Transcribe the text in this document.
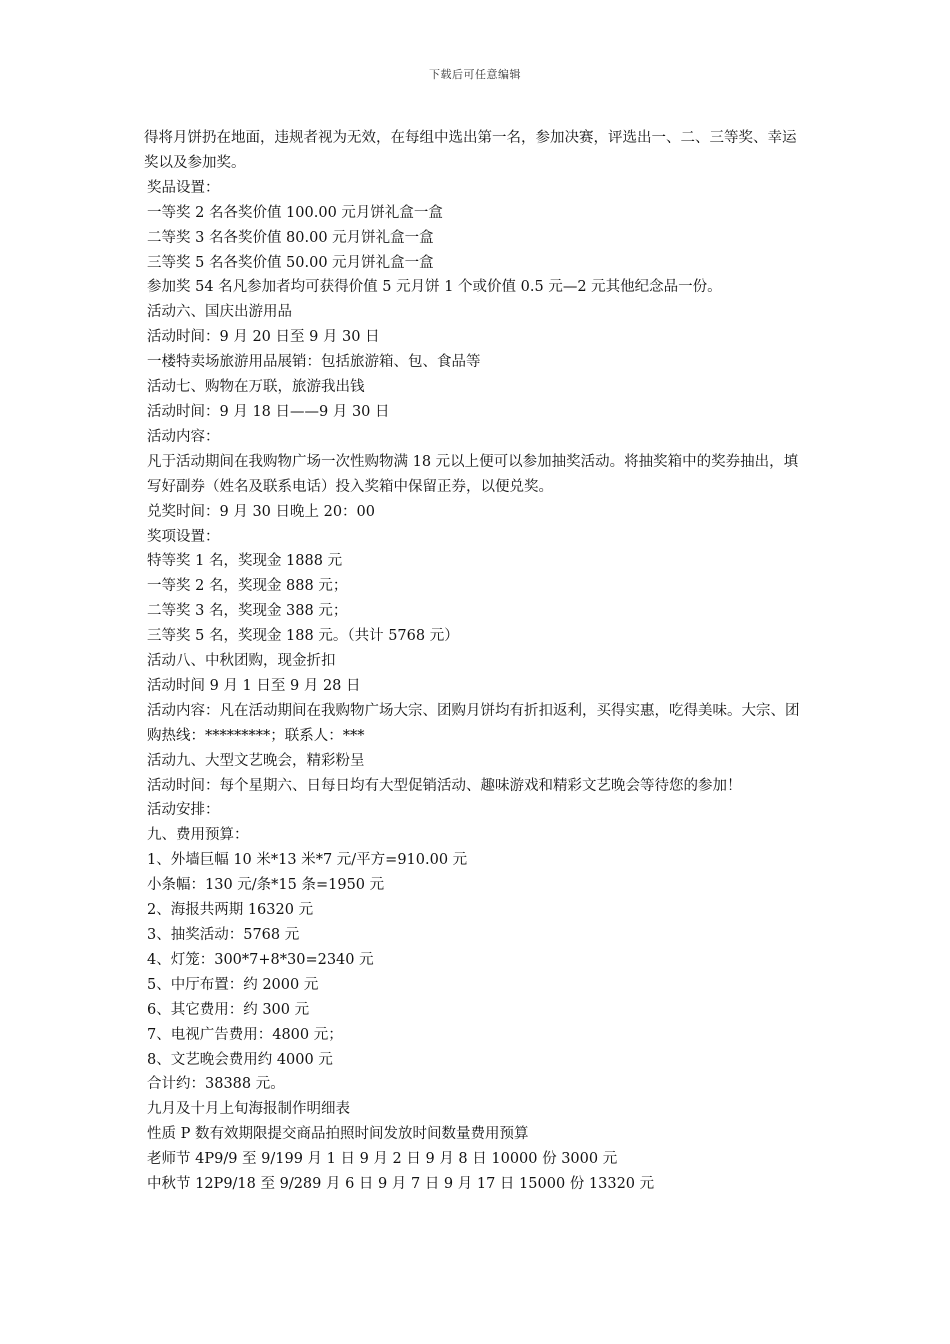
下载后可任意编辑

得将月饼扔在地面，违规者视为无效，在每组中选出第一名，参加决赛，评选出一、二、三等奖、幸运奖以及参加奖。

奖品设置：

一等奖 2 名各奖价值 100.00 元月饼礼盒一盒

二等奖 3 名各奖价值 80.00 元月饼礼盒一盒

三等奖 5 名各奖价值 50.00 元月饼礼盒一盒

参加奖 54 名凡参加者均可获得价值 5 元月饼 1 个或价值 0.5 元—2 元其他纪念品一份。

活动六、国庆出游用品

活动时间：9 月 20 日至 9 月 30 日

一楼特卖场旅游用品展销：包括旅游箱、包、食品等

活动七、购物在万联，旅游我出钱

活动时间：9 月 18 日——9 月 30 日

活动内容：

凡于活动期间在我购物广场一次性购物满 18 元以上便可以参加抽奖活动。将抽奖箱中的奖券抽出，填写好副券（姓名及联系电话）投入奖箱中保留正券，以便兑奖。

兑奖时间：9 月 30 日晚上 20：00

奖项设置：

特等奖 1 名，奖现金 1888 元

一等奖 2 名，奖现金 888 元；

二等奖 3 名，奖现金 388 元；

三等奖 5 名，奖现金 188 元。（共计 5768 元）

活动八、中秋团购，现金折扣

活动时间 9 月 1 日至 9 月 28 日

活动内容：凡在活动期间在我购物广场大宗、团购月饼均有折扣返利，买得实惠，吃得美味。大宗、团购热线：*********；联系人：***

活动九、大型文艺晚会，精彩粉呈

活动时间：每个星期六、日每日均有大型促销活动、趣味游戏和精彩文艺晚会等待您的参加！

活动安排：

九、费用预算：

1、外墙巨幅 10 米*13 米*7 元/平方=910.00 元

小条幅：130 元/条*15 条=1950 元

2、海报共两期 16320 元

3、抽奖活动：5768 元

4、灯笼：300*7+8*30=2340 元

5、中厅布置：约 2000 元

6、其它费用：约 300 元

7、电视广告费用：4800 元；

8、文艺晚会费用约 4000 元

合计约：38388 元。

九月及十月上旬海报制作明细表

性质 P 数有效期限提交商品拍照时间发放时间数量费用预算

老师节 4P9/9 至 9/199 月 1 日 9 月 2 日 9 月 8 日 10000 份 3000 元

中秋节 12P9/18 至 9/289 月 6 日 9 月 7 日 9 月 17 日 15000 份 13320 元
